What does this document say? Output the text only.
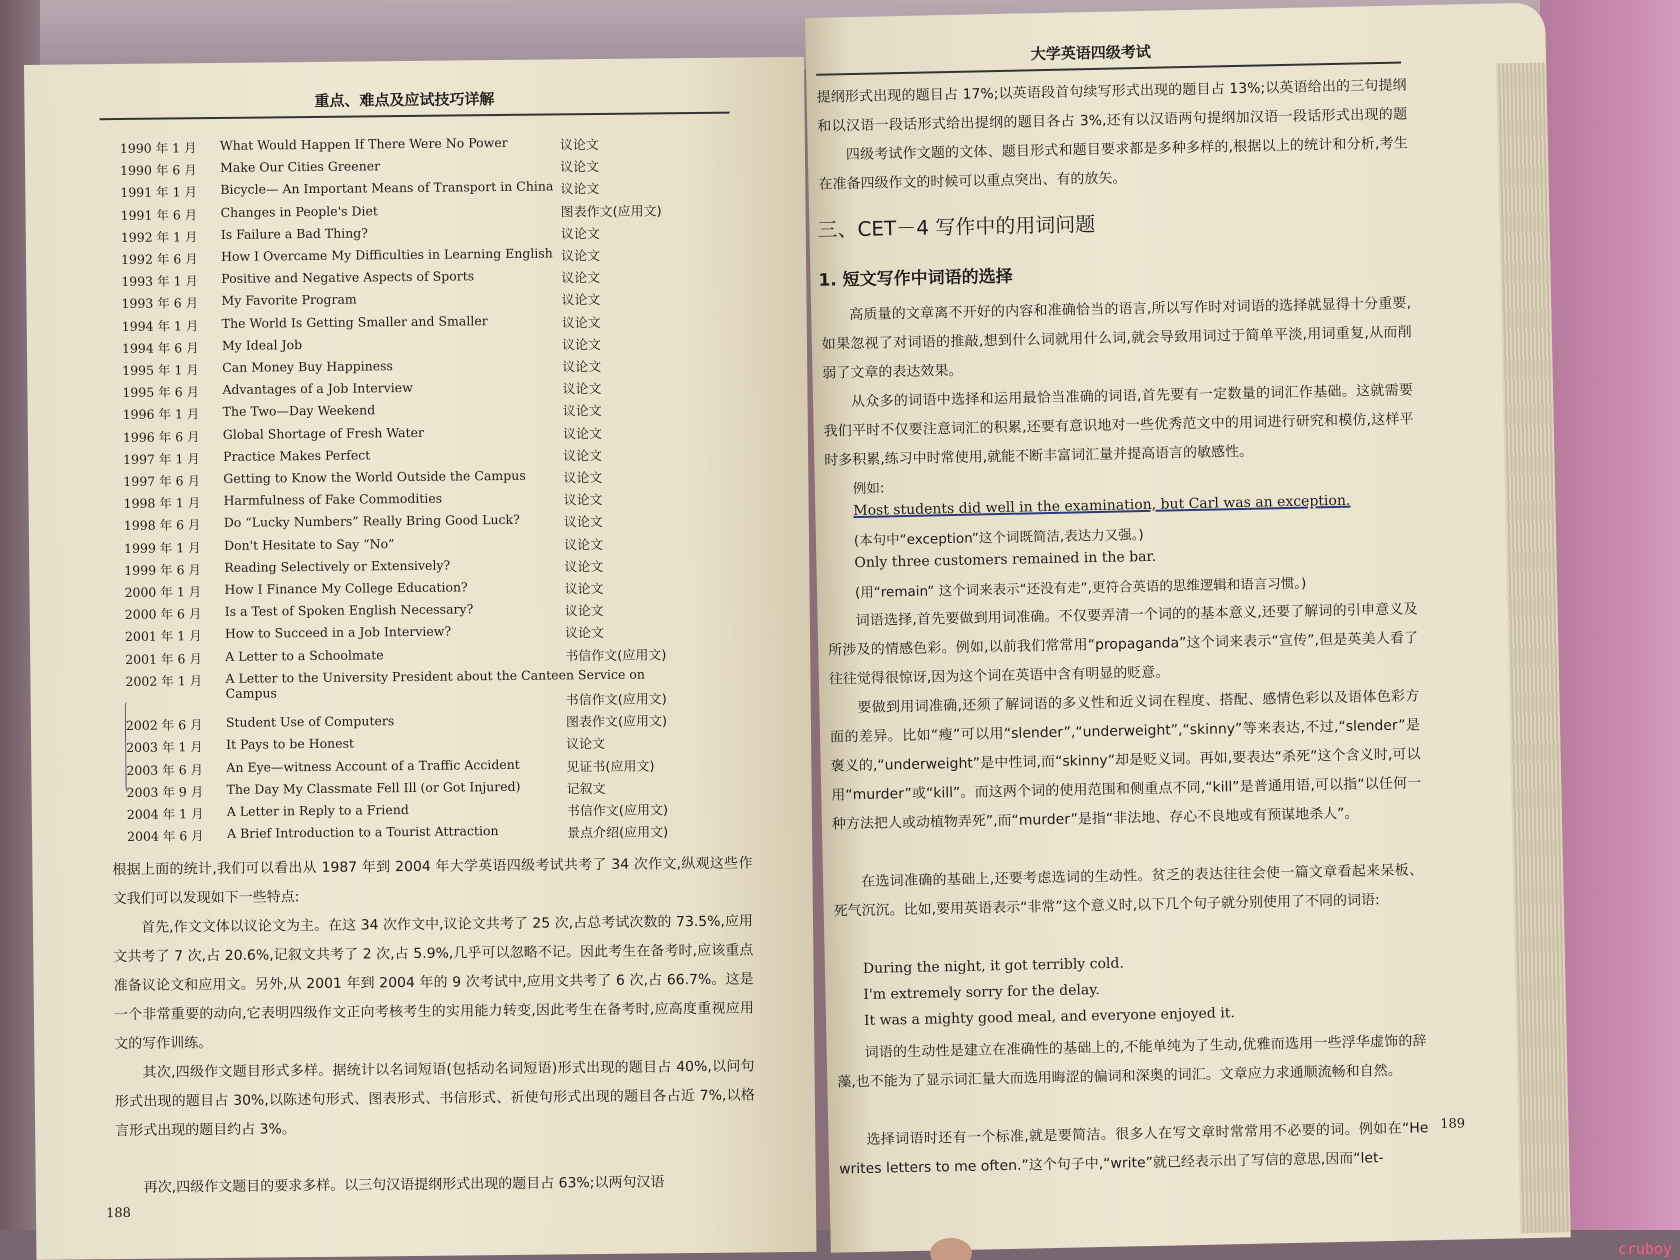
重点、难点及应试技巧详解
1990 年 1 月	What Would Happen If There Were No Power	议论文
1990 年 6 月	Make Our Cities Greener	议论文
1991 年 1 月	Bicycle— An Important Means of Transport in China 议论文
1991 年 6 月	Changes in People's Diet	图表作文(应用文)
1992 年 1 月	Is Failure a Bad Thing?	议论文
1992 年 6 月	How I Overcame My Difficulties in Learning English 议论文
1993 年 1 月	Positive and Negative Aspects of Sports	议论文
1993 年 6 月	My Favorite Program	议论文
1994 年 1 月	The World Is Getting Smaller and Smaller	议论文
1994 年 6 月	My Ideal Job	议论文
1995 年 1 月	Can Money Buy Happiness	议论文
1995 年 6 月	Advantages of a Job Interview	议论文
1996 年 1 月	The Two—Day Weekend	议论文
1996 年 6 月	Global Shortage of Fresh Water	议论文
1997 年 1 月	Practice Makes Perfect	议论文
1997 年 6 月	Getting to Know the World Outside the Campus	议论文
1998 年 1 月	Harmfulness of Fake Commodities	议论文
1998 年 6 月	Do “Lucky Numbers” Really Bring Good Luck?	议论文
1999 年 1 月	Don't Hesitate to Say “No”	议论文
1999 年 6 月	Reading Selectively or Extensively?	议论文
2000 年 1 月	How I Finance My College Education?	议论文
2000 年 6 月	Is a Test of Spoken English Necessary?	议论文
2001 年 1 月	How to Succeed in a Job Interview?	议论文
2001 年 6 月	A Letter to a Schoolmate	书信作文(应用文)
2002 年 1 月	A Letter to the University President about the Canteen Service on Campus	书信作文(应用文)
2002 年 6 月	Student Use of Computers	图表作文(应用文)
2003 年 1 月	It Pays to be Honest	议论文
2003 年 6 月	An Eye—witness Account of a Traffic Accident	见证书(应用文)
2003 年 9 月	The Day My Classmate Fell Ill (or Got Injured)	记叙文
2004 年 1 月	A Letter in Reply to a Friend	书信作文(应用文)
2004 年 6 月	A Brief Introduction to a Tourist Attraction	景点介绍(应用文)
根据上面的统计,我们可以看出从 1987 年到 2004 年大学英语四级考试共考了 34 次作文,纵观这些作文我们可以发现如下一些特点:
首先,作文文体以议论文为主。在这 34 次作文中,议论文共考了 25 次,占总考试次数的 73.5%,应用文共考了 7 次,占 20.6%,记叙文共考了 2 次,占 5.9%,几乎可以忽略不记。因此考生在备考时,应该重点准备议论文和应用文。另外,从 2001 年到 2004 年的 9 次考试中,应用文共考了 6 次,占 66.7%。这是一个非常重要的动向,它表明四级作文正向考核考生的实用能力转变,因此考生在备考时,应高度重视应用文的写作训练。
其次,四级作文题目形式多样。据统计以名词短语(包括动名词短语)形式出现的题目占 40%,以问句形式出现的题目占 30%,以陈述句形式、图表形式、书信形式、祈使句形式出现的题目各占近 7%,以格言形式出现的题目约占 3%。
再次,四级作文题目的要求多样。以三句汉语提纲形式出现的题目占 63%;以两句汉语
188
大学英语四级考试
提纲形式出现的题目占 17%;以英语段首句续写形式出现的题目占 13%;以英语给出的三句提纲和以汉语一段话形式给出提纲的题目各占 3%,还有以汉语两句提纲加汉语一段话形式出现的题目也约占
四级考试作文题的文体、题目形式和题目要求都是多种多样的,根据以上的统计和分析,考生在准备四级作文的时候可以重点突出、有的放矢。
三、CET－4 写作中的用词问题
1. 短文写作中词语的选择
高质量的文章离不开好的内容和准确恰当的语言,所以写作时对词语的选择就显得十分重要,如果忽视了对词语的推敲,想到什么词就用什么词,就会导致用词过于简单平淡,用词重复,从而削弱了文章的表达效果。
从众多的词语中选择和运用最恰当准确的词语,首先要有一定数量的词汇作基础。这就需要我们平时不仅要注意词汇的积累,还要有意识地对一些优秀范文中的用词进行研究和模仿,这样平时多积累,练习中时常使用,就能不断丰富词汇量并提高语言的敏感性。
例如:
Most students did well in the examination, but Carl was an exception.
(本句中“exception”这个词既简洁,表达力又强。)
Only three customers remained in the bar.
(用“remain” 这个词来表示“还没有走”,更符合英语的思维逻辑和语言习惯。)
词语选择,首先要做到用词准确。不仅要弄清一个词的的基本意义,还要了解词的引申意义及所涉及的情感色彩。例如,以前我们常常用“propaganda”这个词来表示“宣传”,但是英美人看了往往觉得很惊讶,因为这个词在英语中含有明显的贬意。
要做到用词准确,还须了解词语的多义性和近义词在程度、搭配、感情色彩以及语体色彩方面的差异。比如“瘦”可以用“slender”,“underweight”,“skinny”等来表达,不过,“slender”是褒义的,“underweight”是中性词,而“skinny”却是贬义词。再如,要表达“杀死”这个含义时,可以用“murder”或“kill”。而这两个词的使用范围和侧重点不同,“kill”是普通用语,可以指“以任何一种方法把人或动植物弄死”,而“murder”是指“非法地、存心不良地或有预谋地杀人”。
在选词准确的基础上,还要考虑选词的生动性。贫乏的表达往往会使一篇文章看起来呆板、死气沉沉。比如,要用英语表示“非常”这个意义时,以下几个句子就分别使用了不同的词语:
During the night, it got terribly cold.
I'm extremely sorry for the delay.
It was a mighty good meal, and everyone enjoyed it.
词语的生动性是建立在准确性的基础上的,不能单纯为了生动,优雅而选用一些浮华虚饰的辞藻,也不能为了显示词汇量大而选用晦涩的偏词和深奥的词汇。文章应力求通顺流畅和自然。
选择词语时还有一个标准,就是要简洁。很多人在写文章时常常用不必要的词。例如在“He writes letters to me often.”这个句子中,“write”就已经表示出了写信的意思,因而“let-
189
cruboy
